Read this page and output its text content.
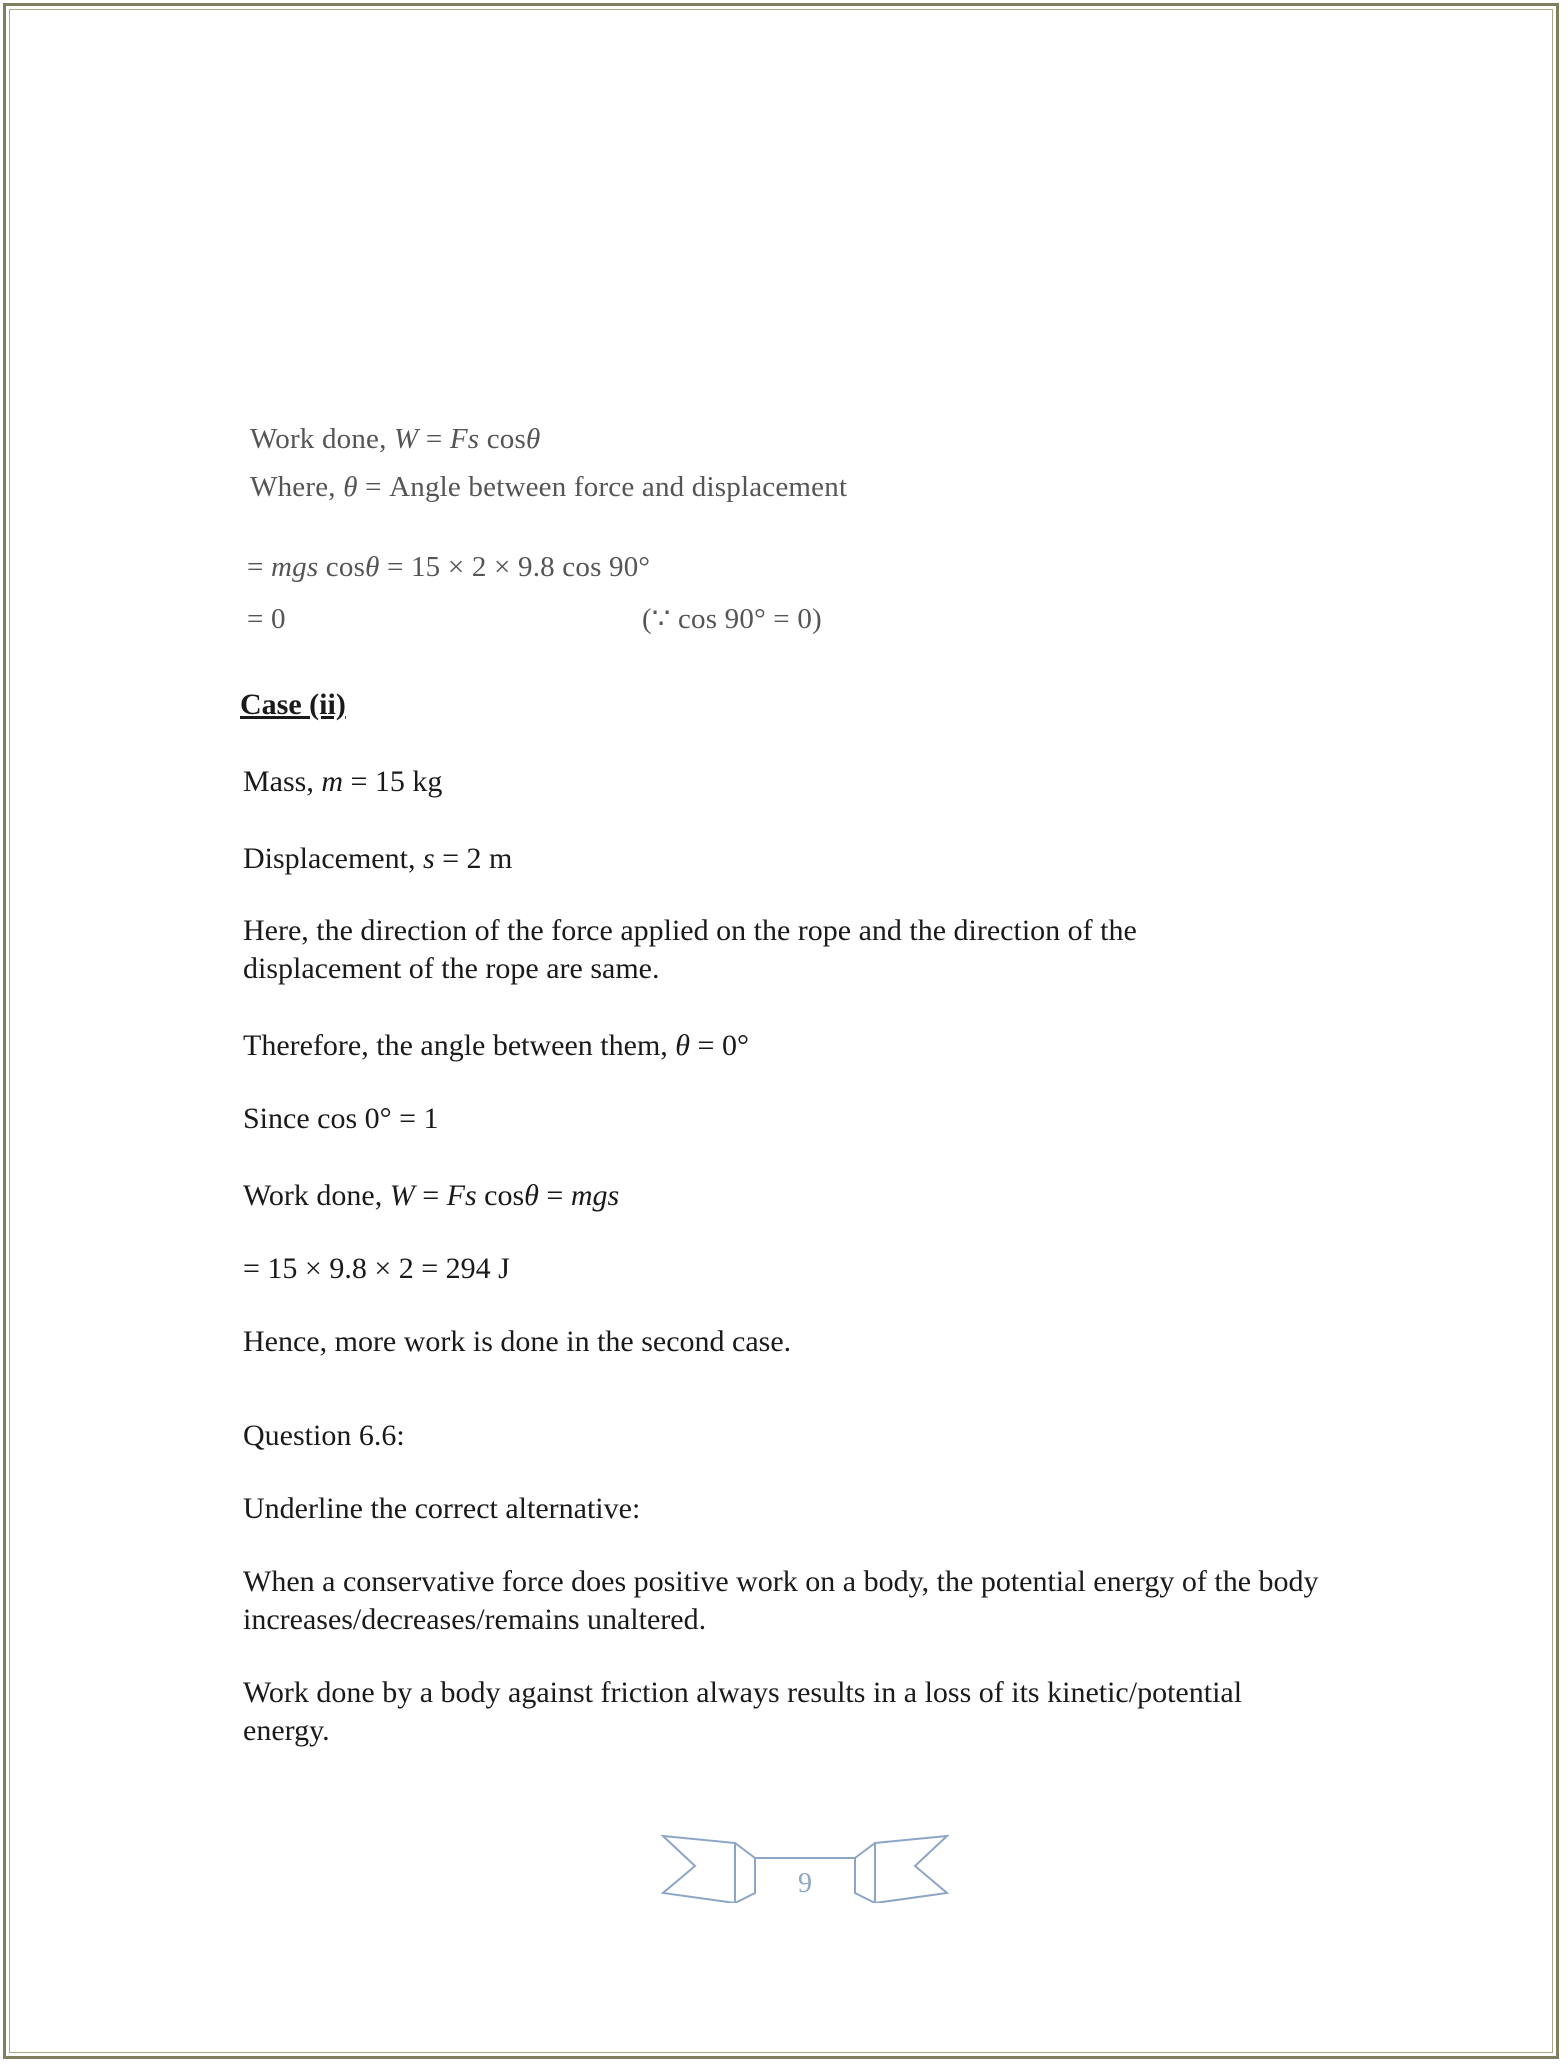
Work done, W = Fs cosθ
Where, θ = Angle between force and displacement
= mgs cosθ = 15 × 2 × 9.8 cos 90°
= 0	(∵ cos 90° = 0)
Case (ii)
Mass, m = 15 kg
Displacement, s = 2 m
Here, the direction of the force applied on the rope and the direction of the
displacement of the rope are same.
Therefore, the angle between them, θ = 0°
Since cos 0° = 1
Work done, W = Fs cosθ = mgs
= 15 × 9.8 × 2 = 294 J
Hence, more work is done in the second case.
Question 6.6:
Underline the correct alternative:
When a conservative force does positive work on a body, the potential energy of the body
increases/decreases/remains unaltered.
Work done by a body against friction always results in a loss of its kinetic/potential
energy.
9
